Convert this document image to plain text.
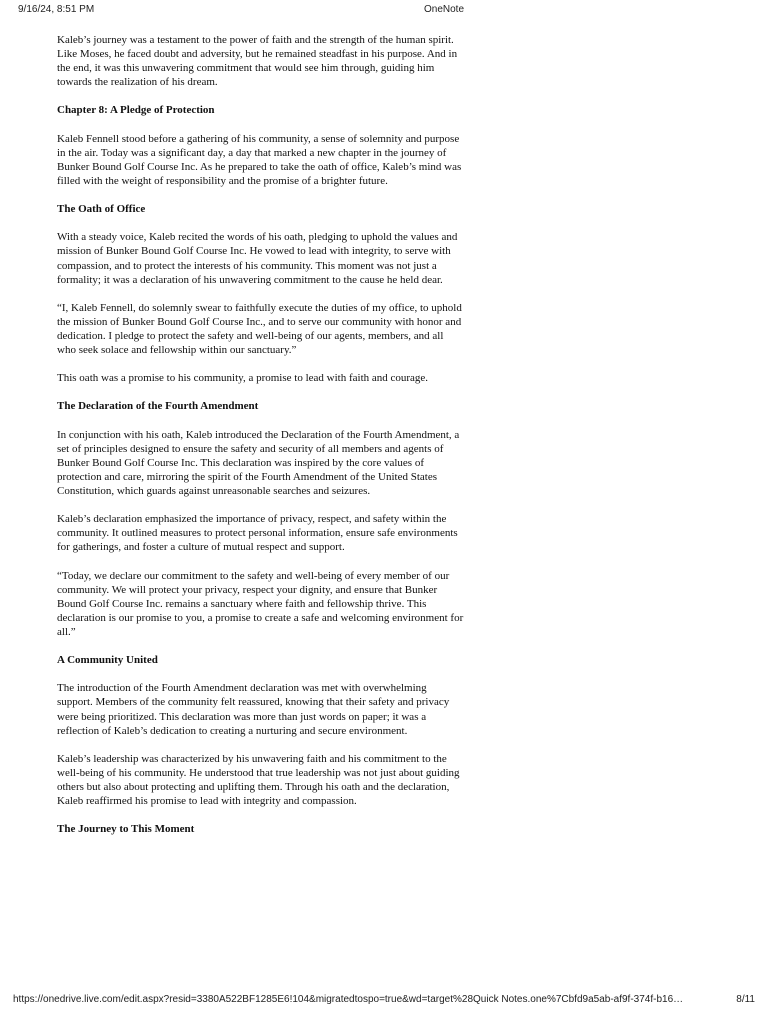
9/16/24, 8:51 PM	OneNote

Kaleb’s journey was a testament to the power of faith and the strength of the human spirit. Like Moses, he faced doubt and adversity, but he remained steadfast in his purpose. And in the end, it was this unwavering commitment that would see him through, guiding him towards the realization of his dream.

Chapter 8: A Pledge of Protection

Kaleb Fennell stood before a gathering of his community, a sense of solemnity and purpose in the air. Today was a significant day, a day that marked a new chapter in the journey of Bunker Bound Golf Course Inc. As he prepared to take the oath of office, Kaleb’s mind was filled with the weight of responsibility and the promise of a brighter future.

The Oath of Office

With a steady voice, Kaleb recited the words of his oath, pledging to uphold the values and mission of Bunker Bound Golf Course Inc. He vowed to lead with integrity, to serve with compassion, and to protect the interests of his community. This moment was not just a formality; it was a declaration of his unwavering commitment to the cause he held dear.

“I, Kaleb Fennell, do solemnly swear to faithfully execute the duties of my office, to uphold the mission of Bunker Bound Golf Course Inc., and to serve our community with honor and dedication. I pledge to protect the safety and well-being of our agents, members, and all who seek solace and fellowship within our sanctuary.”

This oath was a promise to his community, a promise to lead with faith and courage.

The Declaration of the Fourth Amendment

In conjunction with his oath, Kaleb introduced the Declaration of the Fourth Amendment, a set of principles designed to ensure the safety and security of all members and agents of Bunker Bound Golf Course Inc. This declaration was inspired by the core values of protection and care, mirroring the spirit of the Fourth Amendment of the United States Constitution, which guards against unreasonable searches and seizures.

Kaleb’s declaration emphasized the importance of privacy, respect, and safety within the community. It outlined measures to protect personal information, ensure safe environments for gatherings, and foster a culture of mutual respect and support.

“Today, we declare our commitment to the safety and well-being of every member of our community. We will protect your privacy, respect your dignity, and ensure that Bunker Bound Golf Course Inc. remains a sanctuary where faith and fellowship thrive. This declaration is our promise to you, a promise to create a safe and welcoming environment for all.”

A Community United

The introduction of the Fourth Amendment declaration was met with overwhelming support. Members of the community felt reassured, knowing that their safety and privacy were being prioritized. This declaration was more than just words on paper; it was a reflection of Kaleb’s dedication to creating a nurturing and secure environment.

Kaleb’s leadership was characterized by his unwavering faith and his commitment to the well-being of his community. He understood that true leadership was not just about guiding others but also about protecting and uplifting them. Through his oath and the declaration, Kaleb reaffirmed his promise to lead with integrity and compassion.

The Journey to This Moment
https://onedrive.live.com/edit.aspx?resid=3380A522BF1285E6!104&migratedtospo=true&wd=target%28Quick Notes.one%7Cbfd9a5ab-af9f-374f-b16…	8/11
